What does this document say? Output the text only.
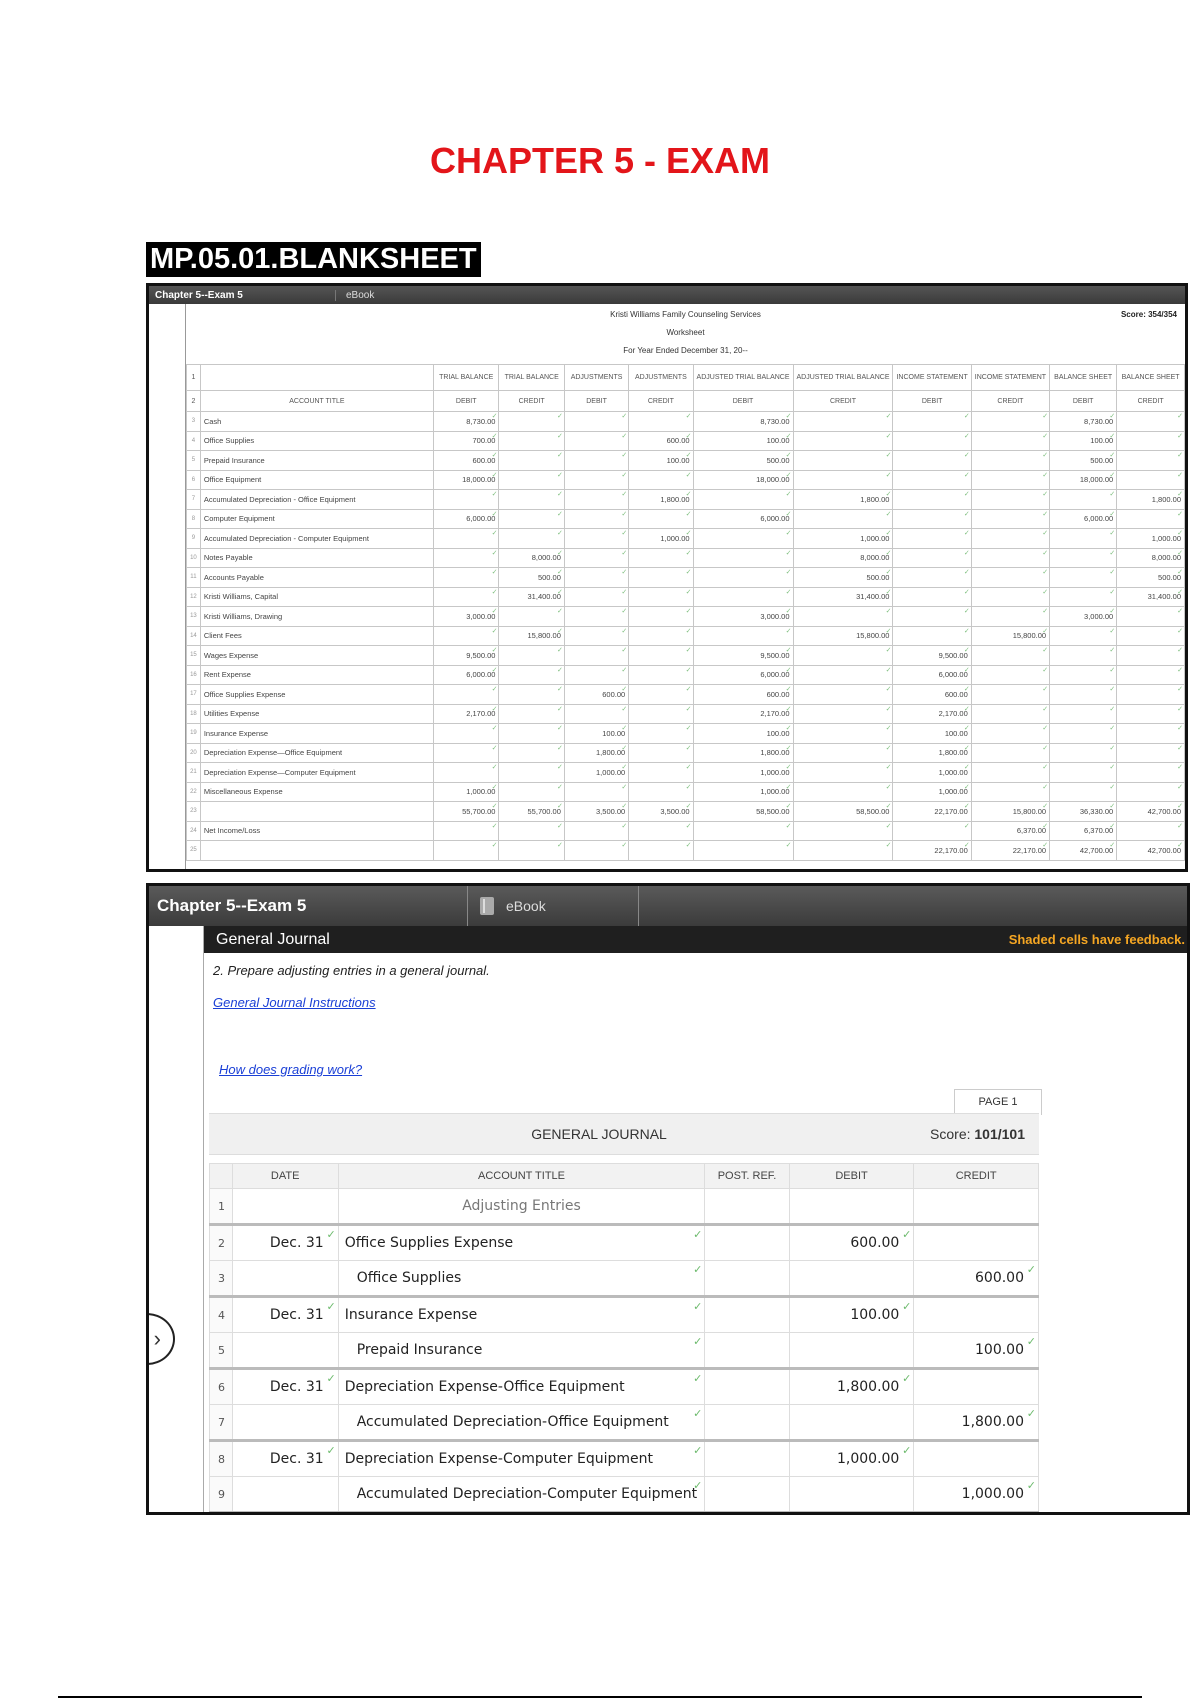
CHAPTER 5 - EXAM
MP.05.01.BLANKSHEET
Chapter 5--Exam 5	eBook
Kristi Williams Family Counseling Services
Worksheet
For Year Ended December 31, 20--
Score: 354/354
1		TRIAL BALANCE	TRIAL BALANCE	ADJUSTMENTS	ADJUSTMENTS	ADJUSTED TRIAL BALANCE	ADJUSTED TRIAL BALANCE	INCOME STATEMENT	INCOME STATEMENT	BALANCE SHEET	BALANCE SHEET
2	ACCOUNT TITLE	DEBIT	CREDIT	DEBIT	CREDIT	DEBIT	CREDIT	DEBIT	CREDIT	DEBIT	CREDIT
3	Cash	8,730.00 ✓	✓	✓	✓	8,730.00 ✓	✓	✓	✓	8,730.00 ✓	✓
4	Office Supplies	700.00 ✓	✓	✓	600.00 ✓	100.00 ✓	✓	✓	✓	100.00 ✓	✓
5	Prepaid Insurance	600.00 ✓	✓	✓	100.00 ✓	500.00 ✓	✓	✓	✓	500.00 ✓	✓
6	Office Equipment	18,000.00 ✓	✓	✓	✓	18,000.00 ✓	✓	✓	✓	18,000.00 ✓	✓
7	Accumulated Depreciation - Office Equipment	✓	✓	✓	1,800.00 ✓	✓	1,800.00 ✓	✓	✓	✓	1,800.00 ✓
8	Computer Equipment	6,000.00 ✓	✓	✓	✓	6,000.00 ✓	✓	✓	✓	6,000.00 ✓	✓
9	Accumulated Depreciation - Computer Equipment	✓	✓	✓	1,000.00 ✓	✓	1,000.00 ✓	✓	✓	✓	1,000.00 ✓
10	Notes Payable	✓	8,000.00 ✓	✓	✓	✓	8,000.00 ✓	✓	✓	✓	8,000.00 ✓
11	Accounts Payable	✓	500.00 ✓	✓	✓	✓	500.00 ✓	✓	✓	✓	500.00 ✓
12	Kristi Williams, Capital	✓	31,400.00 ✓	✓	✓	✓	31,400.00 ✓	✓	✓	✓	31,400.00 ✓
13	Kristi Williams, Drawing	3,000.00 ✓	✓	✓	✓	3,000.00 ✓	✓	✓	✓	3,000.00 ✓	✓
14	Client Fees	✓	15,800.00 ✓	✓	✓	✓	15,800.00 ✓	✓	15,800.00 ✓	✓	✓
15	Wages Expense	9,500.00 ✓	✓	✓	✓	9,500.00 ✓	✓	9,500.00 ✓	✓	✓	✓
16	Rent Expense	6,000.00 ✓	✓	✓	✓	6,000.00 ✓	✓	6,000.00 ✓	✓	✓	✓
17	Office Supplies Expense	✓	✓	600.00 ✓	✓	600.00 ✓	✓	600.00 ✓	✓	✓	✓
18	Utilities Expense	2,170.00 ✓	✓	✓	✓	2,170.00 ✓	✓	2,170.00 ✓	✓	✓	✓
19	Insurance Expense	✓	✓	100.00 ✓	✓	100.00 ✓	✓	100.00 ✓	✓	✓	✓
20	Depreciation Expense—Office Equipment	✓	✓	1,800.00 ✓	✓	1,800.00 ✓	✓	1,800.00 ✓	✓	✓	✓
21	Depreciation Expense—Computer Equipment	✓	✓	1,000.00 ✓	✓	1,000.00 ✓	✓	1,000.00 ✓	✓	✓	✓
22	Miscellaneous Expense	1,000.00 ✓	✓	✓	✓	1,000.00 ✓	✓	1,000.00 ✓	✓	✓	✓
23		55,700.00 ✓	55,700.00 ✓	3,500.00 ✓	3,500.00 ✓	58,500.00 ✓	58,500.00 ✓	22,170.00 ✓	15,800.00 ✓	36,330.00 ✓	42,700.00 ✓
24	Net Income/Loss	✓	✓	✓	✓	✓	✓	✓	6,370.00 ✓	6,370.00 ✓	✓
25		✓	✓	✓	✓	✓	✓	22,170.00 ✓	22,170.00 ✓	42,700.00 ✓	42,700.00 ✓
Chapter 5--Exam 5	eBook
›
General Journal	Shaded cells have feedback.
2. Prepare adjusting entries in a general journal.
General Journal Instructions
How does grading work?
PAGE 1
GENERAL JOURNAL	Score: 101/101
	DATE	ACCOUNT TITLE	POST. REF.	DEBIT	CREDIT
1		Adjusting Entries			
2	Dec. 31 ✓	Office Supplies Expense ✓		600.00 ✓	
3		Office Supplies ✓			600.00 ✓
4	Dec. 31 ✓	Insurance Expense ✓		100.00 ✓	
5		Prepaid Insurance ✓			100.00 ✓
6	Dec. 31 ✓	Depreciation Expense-Office Equipment ✓		1,800.00 ✓	
7		Accumulated Depreciation-Office Equipment ✓			1,800.00 ✓
8	Dec. 31 ✓	Depreciation Expense-Computer Equipment ✓		1,000.00 ✓	
9		Accumulated Depreciation-Computer Equipment ✓			1,000.00 ✓
